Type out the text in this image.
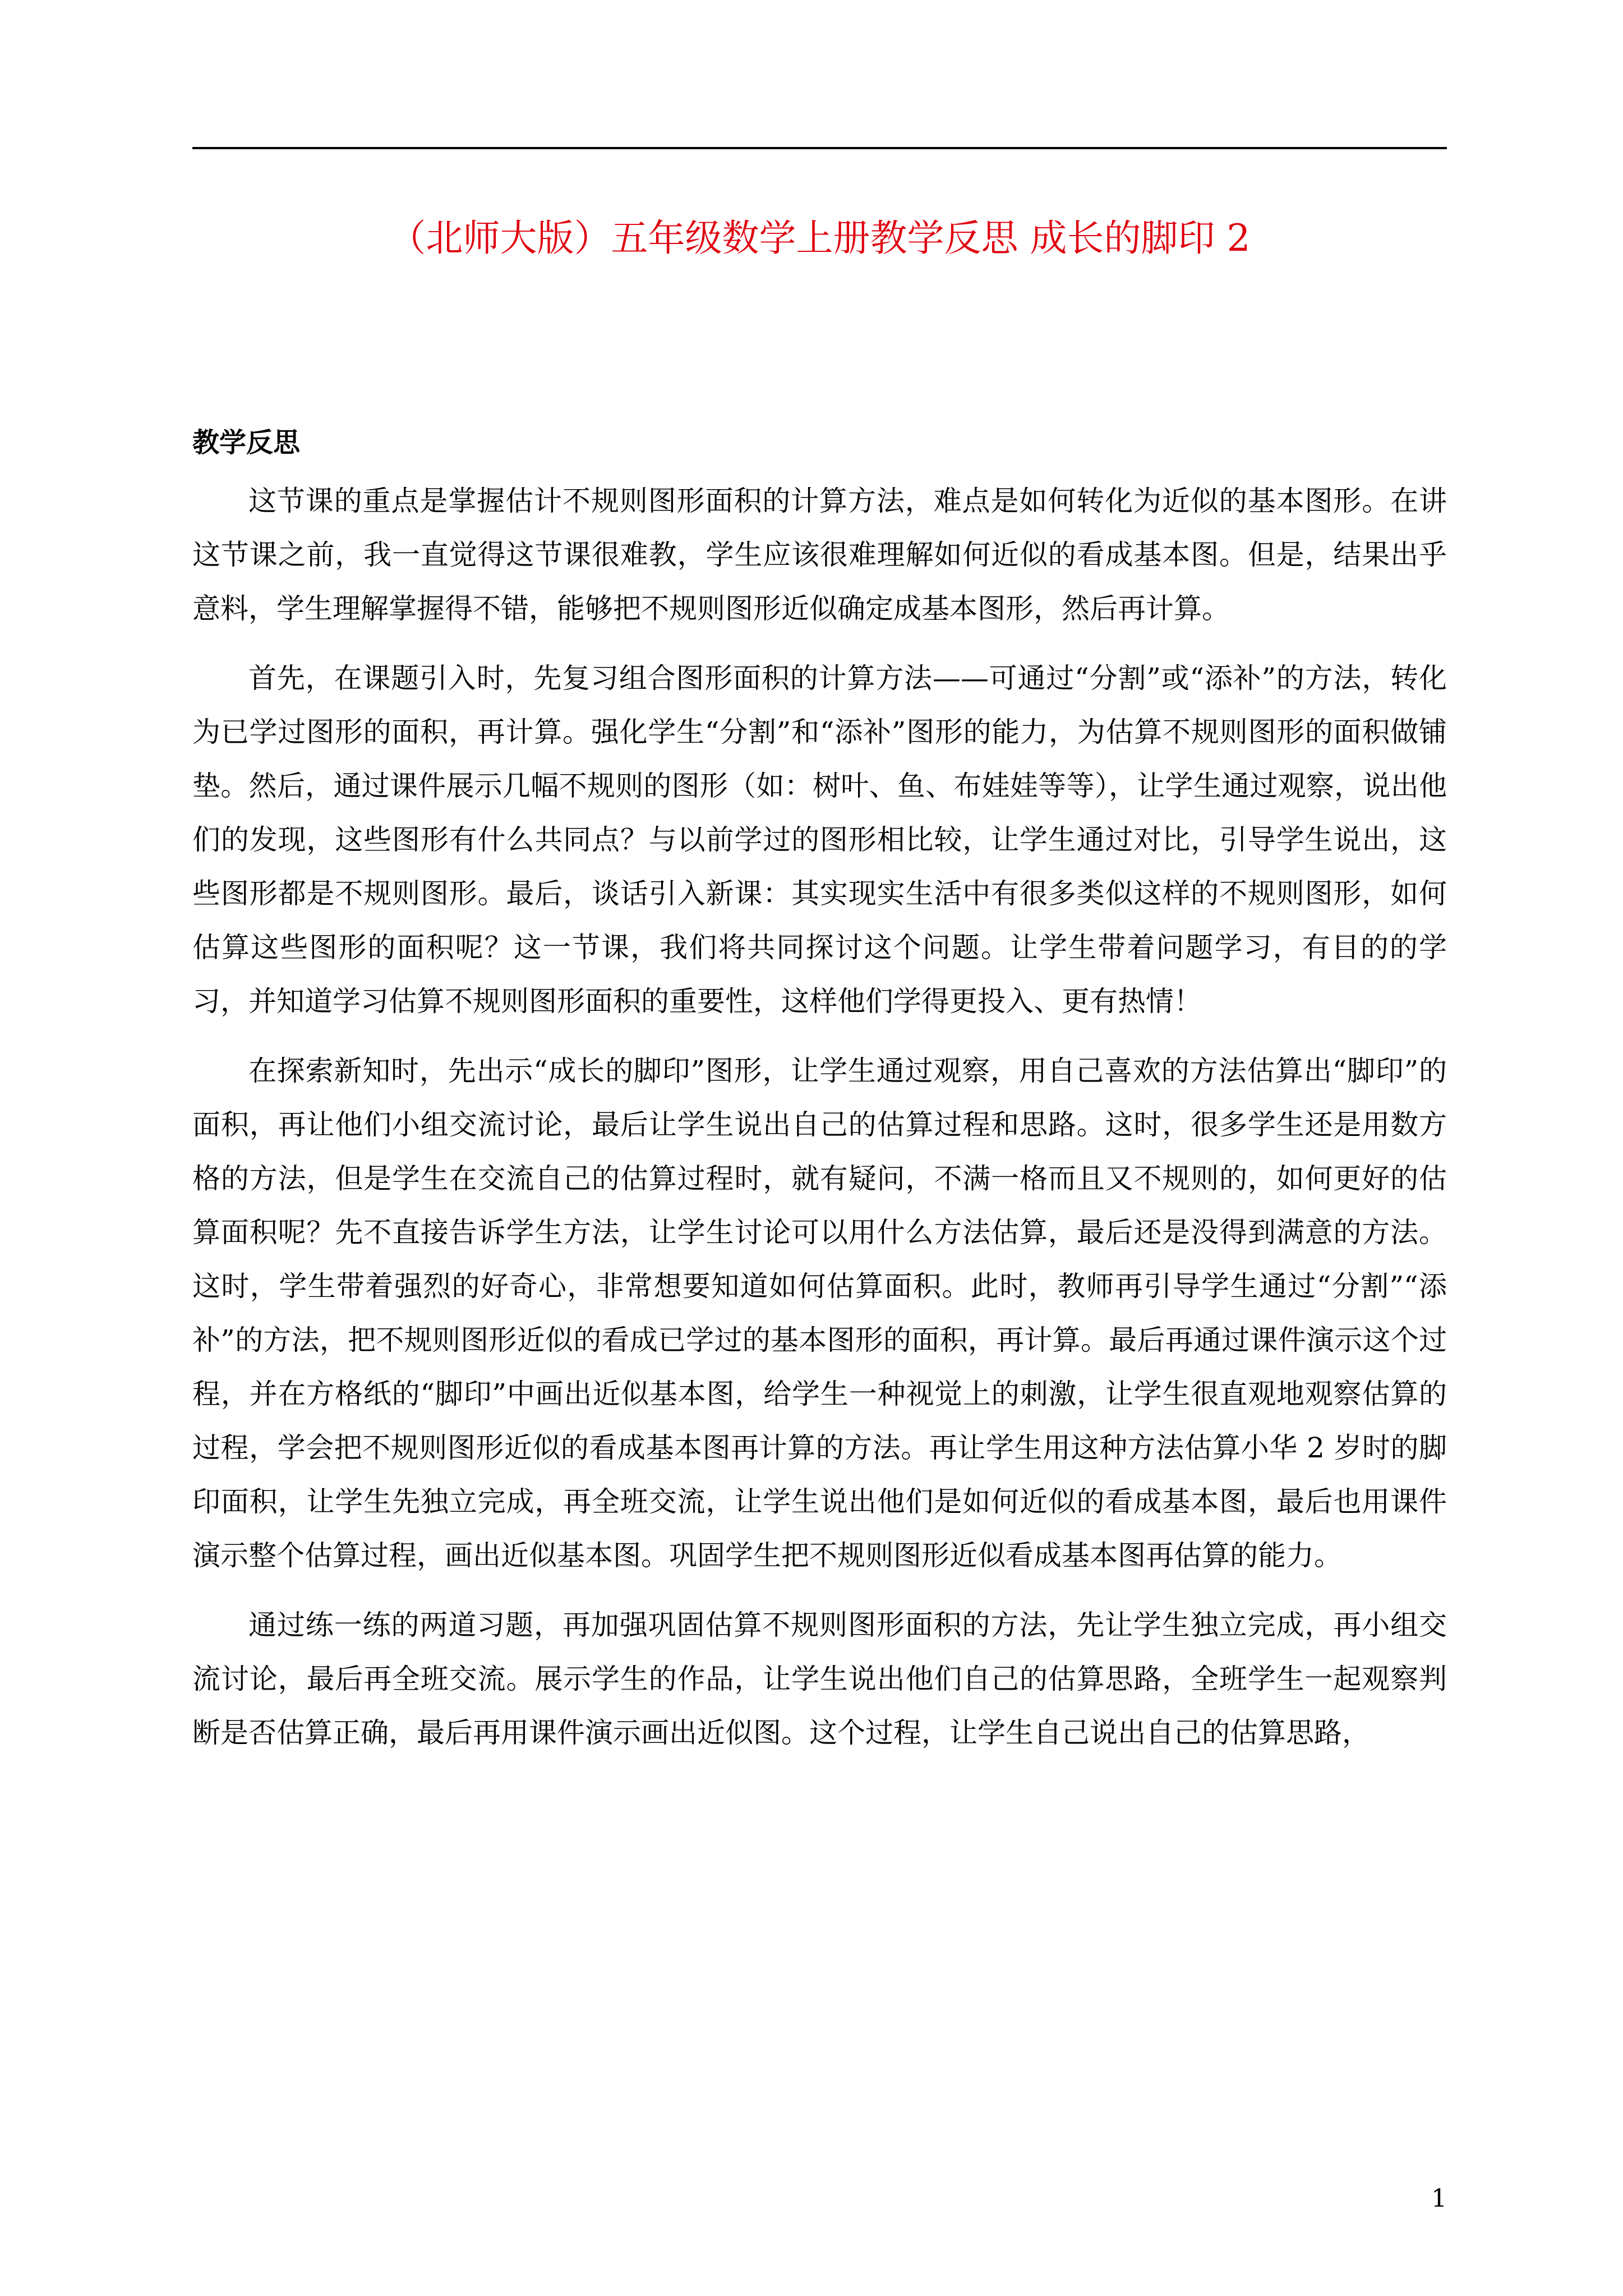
（北师大版）五年级数学上册教学反思 成长的脚印 2
教学反思

这节课的重点是掌握估计不规则图形面积的计算方法，难点是如何转化为近似的基本图形。在讲这节课之前，我一直觉得这节课很难教，学生应该很难理解如何近似的看成基本图。但是，结果出乎意料，学生理解掌握得不错，能够把不规则图形近似确定成基本图形，然后再计算。

首先，在课题引入时，先复习组合图形面积的计算方法——可通过“分割”或“添补”的方法，转化为已学过图形的面积，再计算。强化学生“分割”和“添补”图形的能力，为估算不规则图形的面积做铺垫。然后，通过课件展示几幅不规则的图形（如：树叶、鱼、布娃娃等等），让学生通过观察，说出他们的发现，这些图形有什么共同点？与以前学过的图形相比较，让学生通过对比，引导学生说出，这些图形都是不规则图形。最后，谈话引入新课：其实现实生活中有很多类似这样的不规则图形，如何估算这些图形的面积呢？这一节课，我们将共同探讨这个问题。让学生带着问题学习，有目的的学习，并知道学习估算不规则图形面积的重要性，这样他们学得更投入、更有热情！

在探索新知时，先出示“成长的脚印”图形，让学生通过观察，用自己喜欢的方法估算出“脚印”的面积，再让他们小组交流讨论，最后让学生说出自己的估算过程和思路。这时，很多学生还是用数方格的方法，但是学生在交流自己的估算过程时，就有疑问，不满一格而且又不规则的，如何更好的估算面积呢？先不直接告诉学生方法，让学生讨论可以用什么方法估算，最后还是没得到满意的方法。这时，学生带着强烈的好奇心，非常想要知道如何估算面积。此时，教师再引导学生通过“分割”“添补”的方法，把不规则图形近似的看成已学过的基本图形的面积，再计算。最后再通过课件演示这个过程，并在方格纸的“脚印”中画出近似基本图，给学生一种视觉上的刺激，让学生很直观地观察估算的过程，学会把不规则图形近似的看成基本图再计算的方法。再让学生用这种方法估算小华 2 岁时的脚印面积，让学生先独立完成，再全班交流，让学生说出他们是如何近似的看成基本图，最后也用课件演示整个估算过程，画出近似基本图。巩固学生把不规则图形近似看成基本图再估算的能力。

通过练一练的两道习题，再加强巩固估算不规则图形面积的方法，先让学生独立完成，再小组交流讨论，最后再全班交流。展示学生的作品，让学生说出他们自己的估算思路，全班学生一起观察判断是否估算正确，最后再用课件演示画出近似图。这个过程，让学生自己说出自己的估算思路，

1
